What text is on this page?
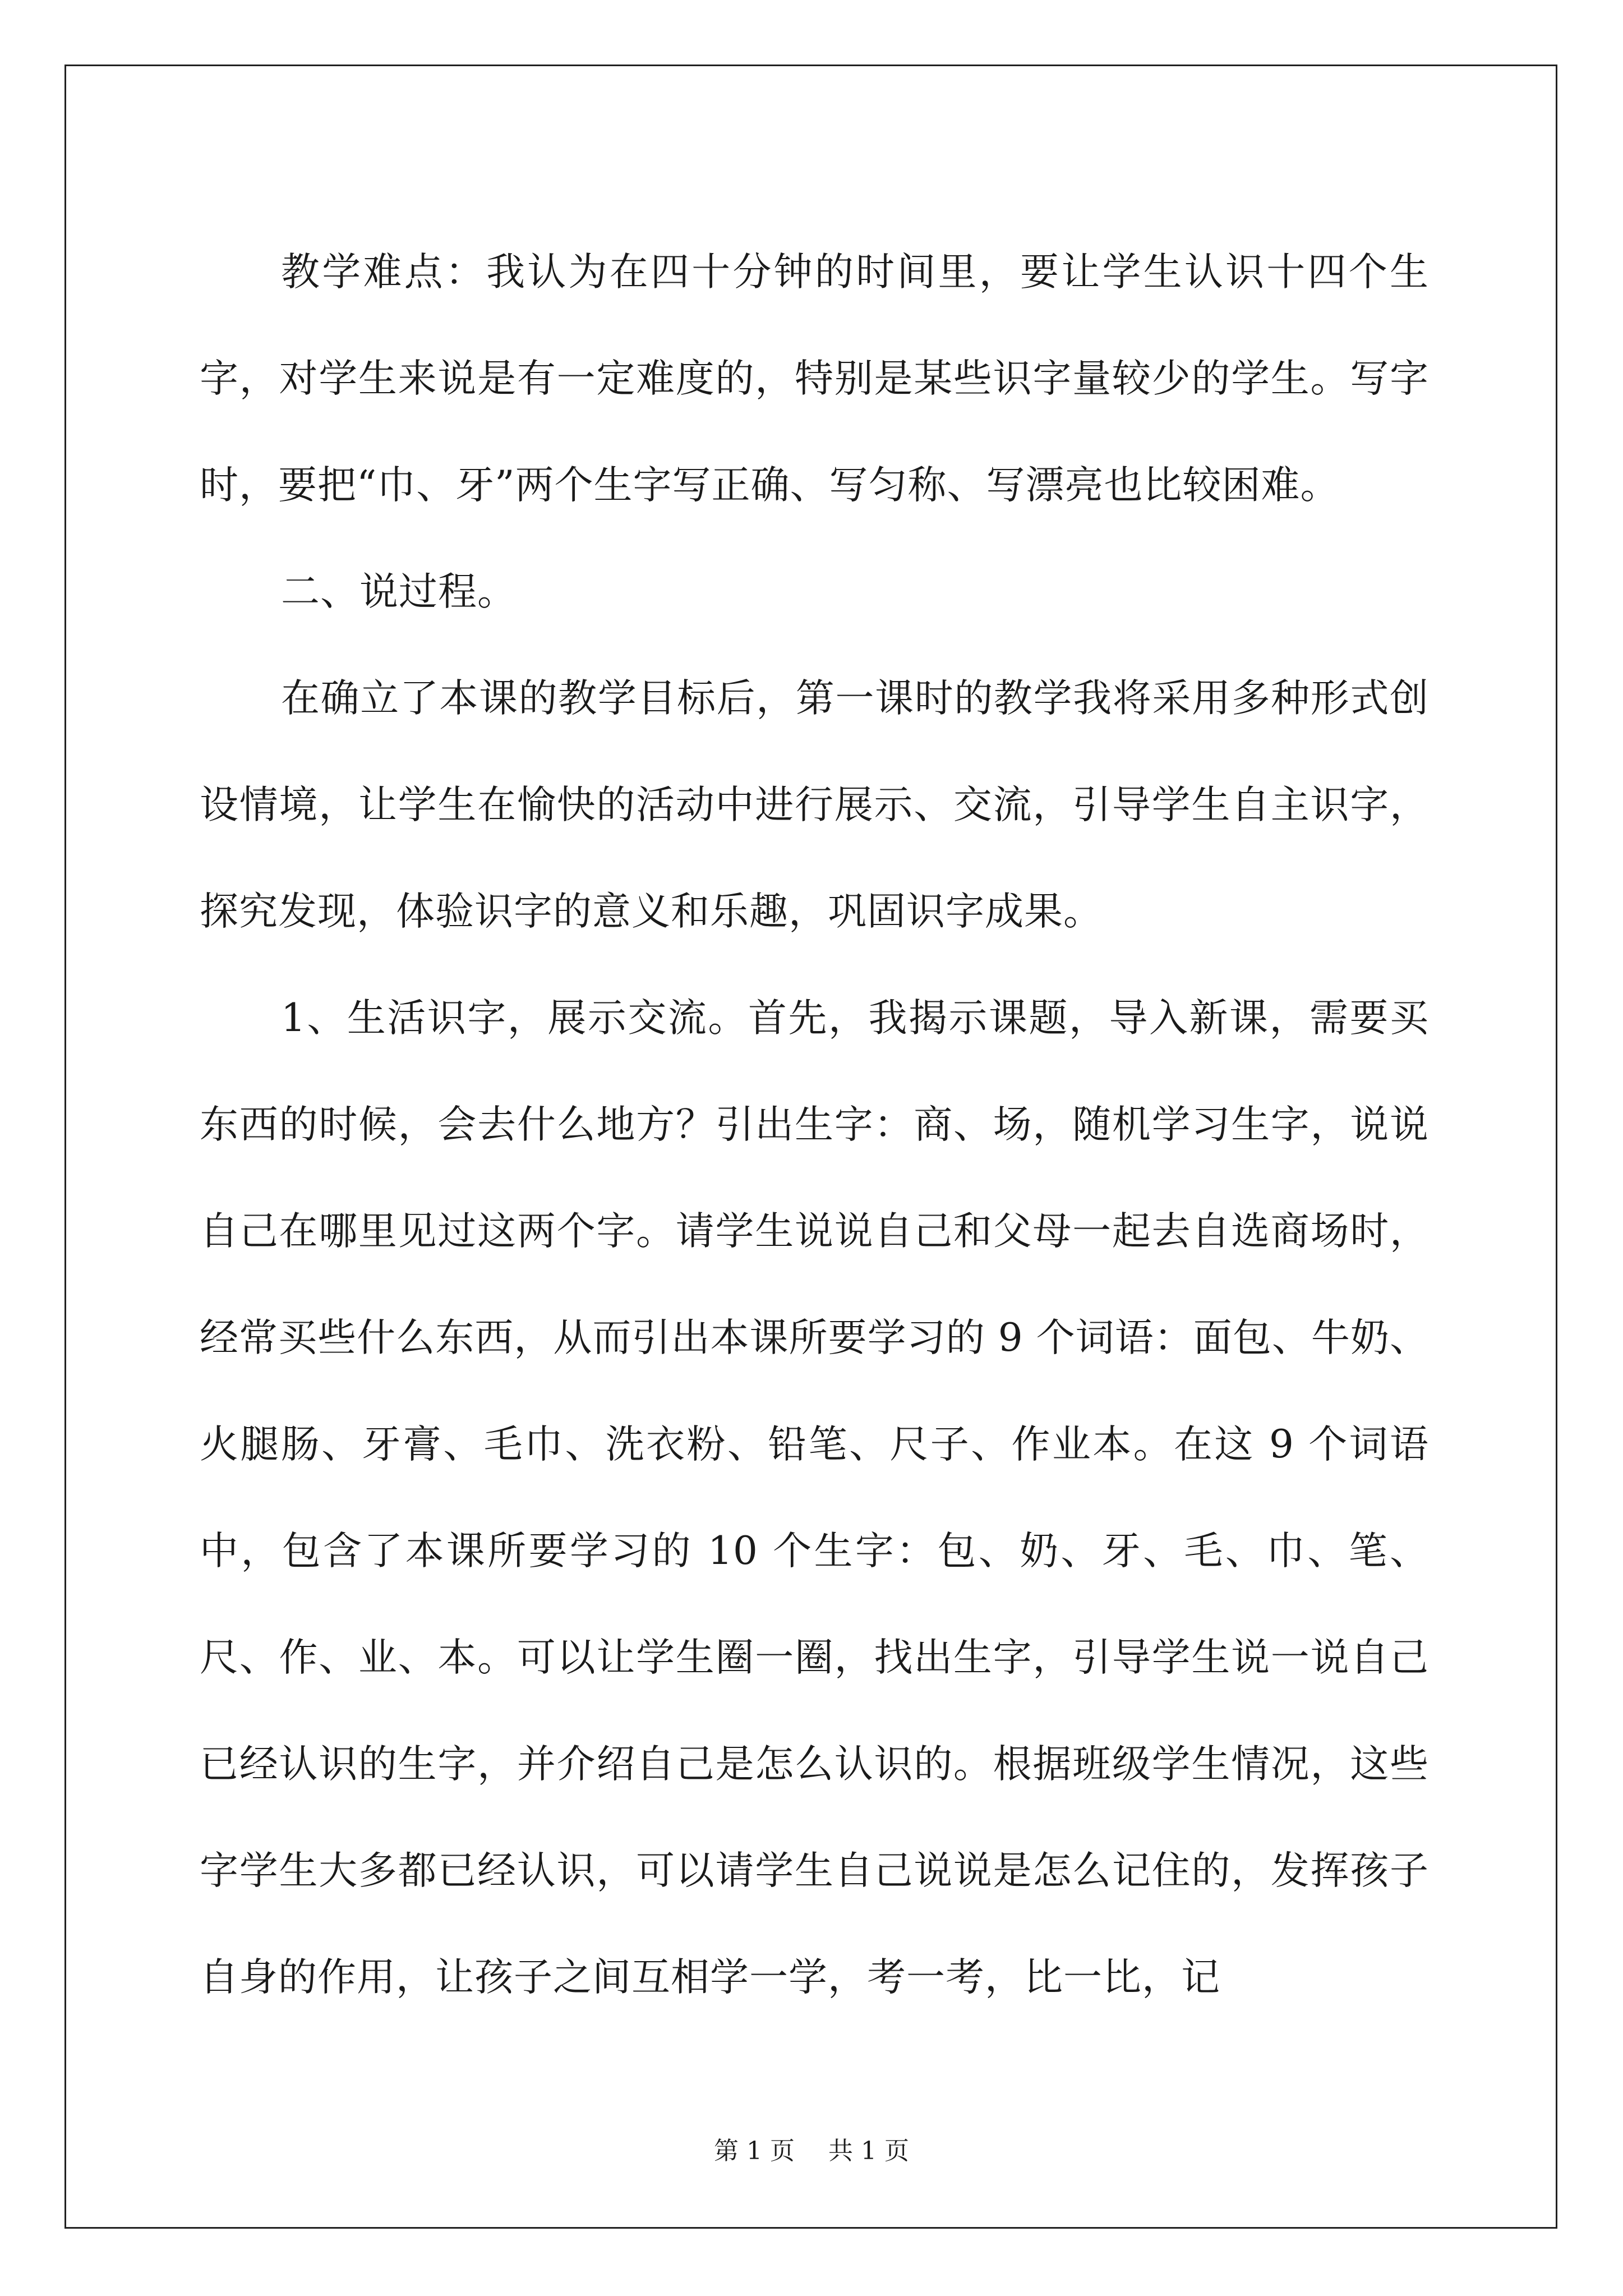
教学难点：我认为在四十分钟的时间里，要让学生认识十四个生字，对学生来说是有一定难度的，特别是某些识字量较少的学生。写字时，要把“巾、牙”两个生字写正确、写匀称、写漂亮也比较困难。

二、说过程。

在确立了本课的教学目标后，第一课时的教学我将采用多种形式创设情境，让学生在愉快的活动中进行展示、交流，引导学生自主识字，探究发现，体验识字的意义和乐趣，巩固识字成果。

1、生活识字，展示交流。首先，我揭示课题，导入新课，需要买东西的时候，会去什么地方？引出生字：商、场，随机学习生字，说说自己在哪里见过这两个字。请学生说说自己和父母一起去自选商场时，经常买些什么东西，从而引出本课所要学习的 9 个词语：面包、牛奶、火腿肠、牙膏、毛巾、洗衣粉、铅笔、尺子、作业本。在这 9 个词语中，包含了本课所要学习的 10 个生字：包、奶、牙、毛、巾、笔、尺、作、业、本。可以让学生圈一圈，找出生字，引导学生说一说自己已经认识的生字，并介绍自己是怎么认识的。根据班级学生情况，这些字学生大多都已经认识，可以请学生自己说说是怎么记住的，发挥孩子自身的作用，让孩子之间互相学一学，考一考，比一比，记

第 1 页 共 1 页
